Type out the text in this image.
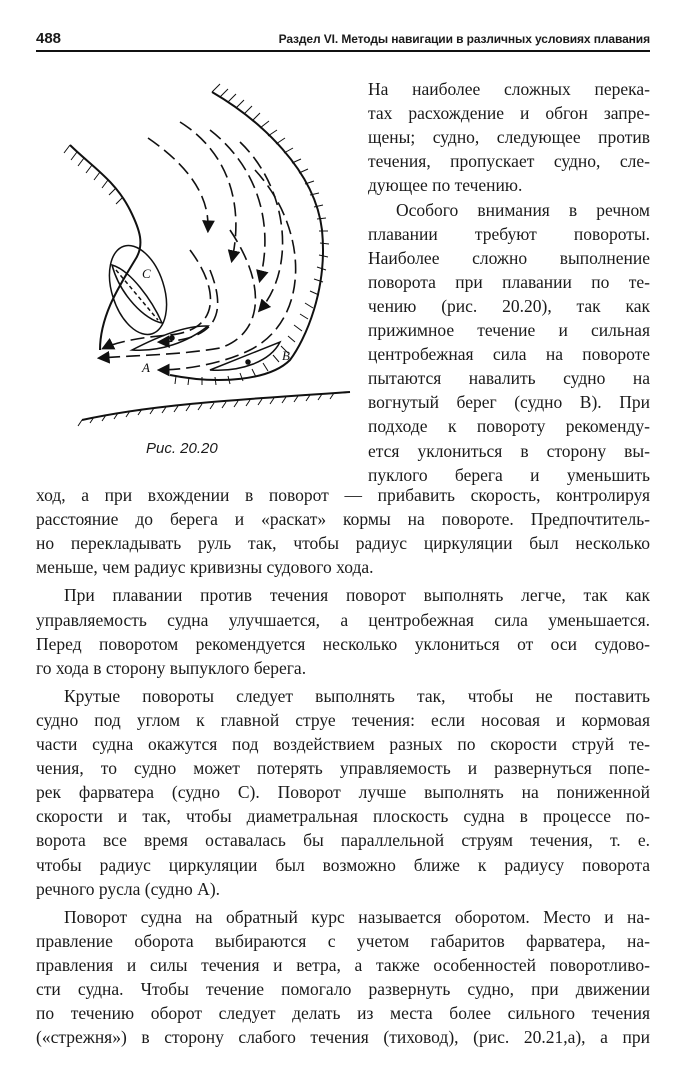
488	Раздел VI. Методы навигации в различных условиях плавания
C
A
B
Рис. 20.20
На наиболее сложных перека-
тах расхождение и обгон запре-
щены; судно, следующее против
течения, пропускает судно, сле-
дующее по течению.
Особого внимания в речном
плавании требуют повороты.
Наиболее сложно выполнение
поворота при плавании по те-
чению (рис. 20.20), так как
прижимное течение и сильная
центробежная сила на повороте
пытаются навалить судно на
вогнутый берег (судно В). При
подходе к повороту рекоменду-
ется уклониться в сторону вы-
пуклого берега и уменьшить
ход, а при вхождении в поворот — прибавить скорость, контролируя
расстояние до берега и «раскат» кормы на повороте. Предпочтитель-
но перекладывать руль так, чтобы радиус циркуляции был несколько
меньше, чем радиус кривизны судового хода.
При плавании против течения поворот выполнять легче, так как
управляемость судна улучшается, а центробежная сила уменьшается.
Перед поворотом рекомендуется несколько уклониться от оси судово-
го хода в сторону выпуклого берега.
Крутые повороты следует выполнять так, чтобы не поставить
судно под углом к главной струе течения: если носовая и кормовая
части судна окажутся под воздействием разных по скорости струй те-
чения, то судно может потерять управляемость и развернуться попе-
рек фарватера (судно С). Поворот лучше выполнять на пониженной
скорости и так, чтобы диаметральная плоскость судна в процессе по-
ворота все время оставалась бы параллельной струям течения, т. е.
чтобы радиус циркуляции был возможно ближе к радиусу поворота
речного русла (судно А).
Поворот судна на обратный курс называется оборотом. Место и на-
правление оборота выбираются с учетом габаритов фарватера, на-
правления и силы течения и ветра, а также особенностей поворотливо-
сти судна. Чтобы течение помогало развернуть судно, при движении
по течению оборот следует делать из места более сильного течения
(«стрежня») в сторону слабого течения (тиховод), (рис. 20.21,а), а при
